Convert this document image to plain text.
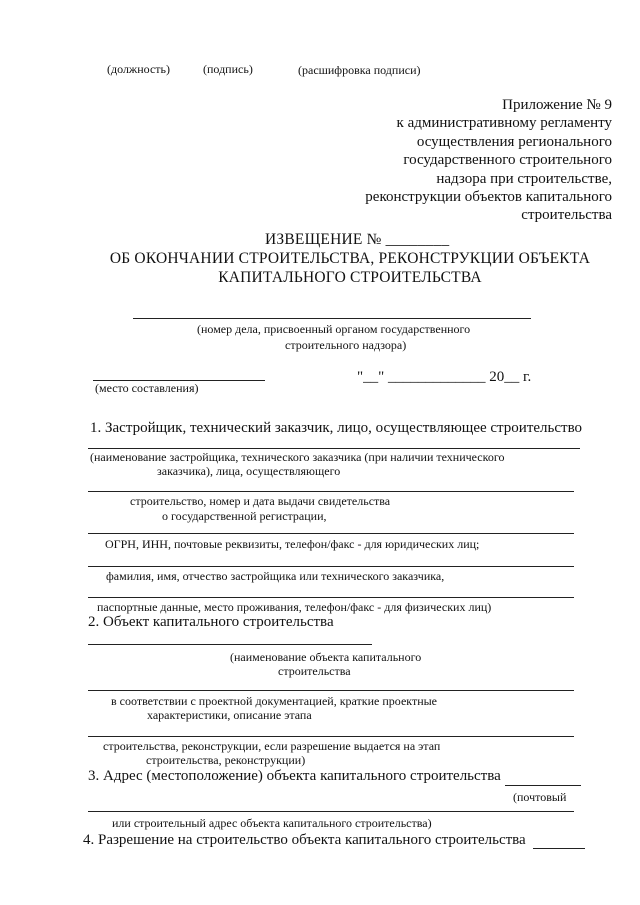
(должность)	(подпись)	(расшифровка подписи)
Приложение № 9
к административному регламенту
осуществления регионального
государственного строительного
надзора при строительстве,
реконструкции объектов капитального
строительства
ИЗВЕЩЕНИЕ № ________
ОБ ОКОНЧАНИИ СТРОИТЕЛЬСТВА, РЕКОНСТРУКЦИИ ОБЪЕКТА
КАПИТАЛЬНОГО СТРОИТЕЛЬСТВА
(номер дела, присвоенный органом государственного
строительного надзора)
(место составления)
"__" _____________ 20__ г.
1. Застройщик, технический заказчик, лицо, осуществляющее строительство
(наименование застройщика, технического заказчика (при наличии технического
заказчика), лица, осуществляющего
строительство, номер и дата выдачи свидетельства
о государственной регистрации,
ОГРН, ИНН, почтовые реквизиты, телефон/факс - для юридических лиц;
фамилия, имя, отчество застройщика или технического заказчика,
паспортные данные, место проживания, телефон/факс - для физических лиц)
2. Объект капитального строительства
(наименование объекта капитального
строительства
в соответствии с проектной документацией, краткие проектные
характеристики, описание этапа
строительства, реконструкции, если разрешение выдается на этап
строительства, реконструкции)
3. Адрес (местоположение) объекта капитального строительства
(почтовый
или строительный адрес объекта капитального строительства)
4. Разрешение на строительство объекта капитального строительства
